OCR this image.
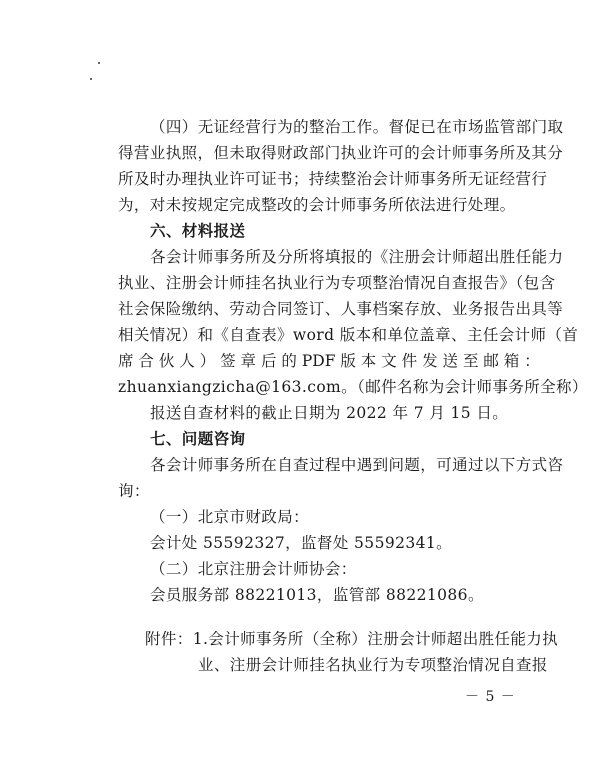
（四）无证经营行为的整治工作。督促已在市场监管部门取
得营业执照，但未取得财政部门执业许可的会计师事务所及其分
所及时办理执业许可证书；持续整治会计师事务所无证经营行
为，对未按规定完成整改的会计师事务所依法进行处理。
六、材料报送
各会计师事务所及分所将填报的《注册会计师超出胜任能力
执业、注册会计师挂名执业行为专项整治情况自查报告》（包含
社会保险缴纳、劳动合同签订、人事档案存放、业务报告出具等
相关情况）和《自查表》word 版本和单位盖章、主任会计师（首
席 合 伙 人 ） 签 章 后 的 PDF 版 本 文 件 发 送 至 邮 箱 ：
zhuanxiangzicha@163.com。（邮件名称为会计师事务所全称）
报送自查材料的截止日期为 2022 年 7 月 15 日。
七、问题咨询
各会计师事务所在自查过程中遇到问题，可通过以下方式咨
询：
（一）北京市财政局：
会计处 55592327，监督处 55592341。
（二）北京注册会计师协会：
会员服务部 88221013，监管部 88221086。
附件：1.会计师事务所（全称）注册会计师超出胜任能力执
业、注册会计师挂名执业行为专项整治情况自查报
－ 5 －
